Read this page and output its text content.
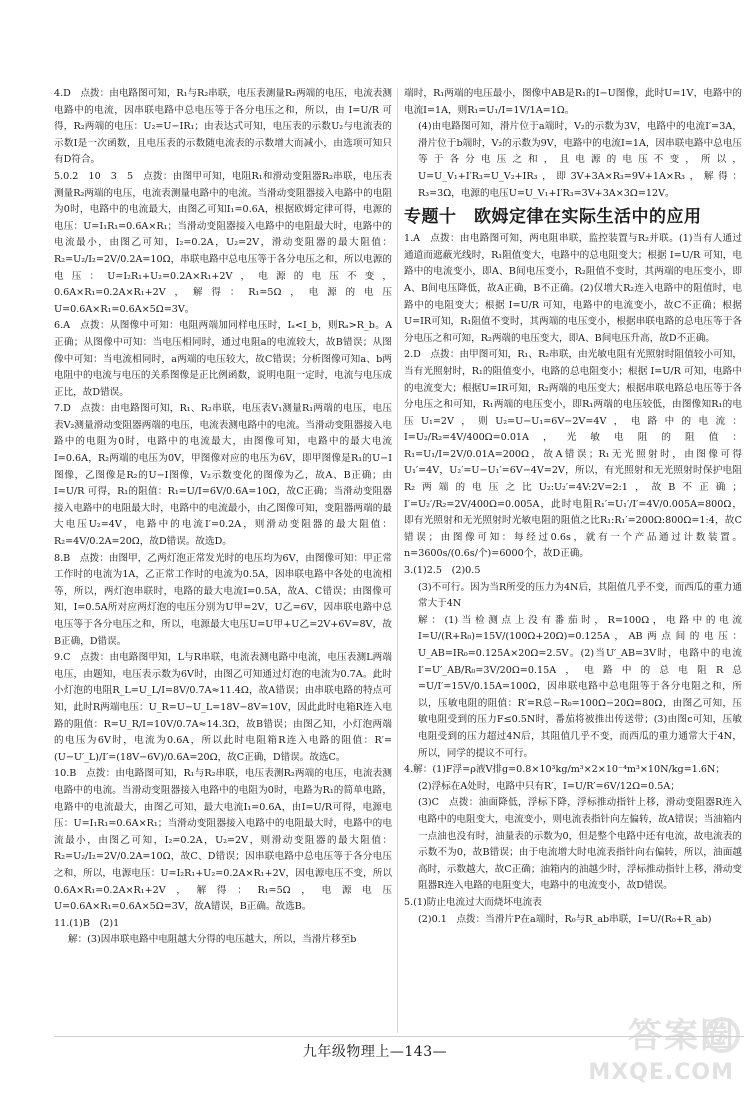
4.D　点拨：由电路图可知，R₁与R₂串联，电压表测量R₂两端的电压，电流表测电路中的电流，因串联电路中总电压等于各分电压之和，所以，由 I=U/R 可得，R₂两端的电压：U₂=U−IR₁；由表达式可知，电压表的示数U₂与电流表的示数I是一次函数，且电压表的示数随电流表的示数增大而减小，由选项可知只有D符合。

5.0.2　10　3　5　点拨：由图甲可知，电阻R₁和滑动变阻器R₂串联，电压表测量R₂两端的电压，电流表测量电路中的电流。当滑动变阻器接入电路中的电阻为0时，电路中的电流最大，由图乙可知I₁=0.6A，根据欧姆定律可得，电源的电压：U=I₁R₁=0.6A×R₁；当滑动变阻器接入电路中的电阻最大时，电路中的电流最小，由图乙可知，I₂=0.2A，U₂=2V，滑动变阻器的最大阻值：R₂=U₂/I₂=2V/0.2A=10Ω，串联电路中总电压等于各分电压之和，所以电源的电压：U=I₂R₁+U₂=0.2A×R₁+2V，电源的电压不变，0.6A×R₁=0.2A×R₁+2V，解得：R₁=5Ω，电源的电压U=0.6A×R₁=0.6A×5Ω=3V。

6.A　点拨：从图像中可知：电阻两端加同样电压时，Iₐ<I_b，则Rₐ>R_b。A正确；从图像中可知：当电压相同时，通过电阻a的电流较大，故B错误；从图像中可知：当电流相同时，a两端的电压较大，故C错误；分析图像可知a、b两电阻中的电流与电压的关系图像是正比例函数，说明电阻一定时，电流与电压成正比，故D错误。

7.D　点拨：由电路图可知，R₁、R₂串联，电压表V₁测量R₁两端的电压，电压表V₂测量滑动变阻器两端的电压，电流表测电路中的电流。当滑动变阻器接入电路中的电阻为0时，电路中的电流最大，由图像可知，电路中的最大电流I=0.6A，R₂两端的电压为0V，甲图像对应的电压为6V，即甲图像是R₁的U−I图像，乙图像是R₂的U−I图像，V₂示数变化的图像为乙，故A、B正确；由 I=U/R 可得，R₁的阻值：R₁=U/I=6V/0.6A=10Ω，故C正确；当滑动变阻器接入电路中的电阻最大时，电路中的电流最小，由乙图像可知，变阻器两端的最大电压U₂=4V，电路中的电流I′=0.2A，则滑动变阻器的最大阻值：R₂=4V/0.2A=20Ω，故D错误。故选D。

8.B　点拨：由图甲，乙两灯泡正常发光时的电压均为6V，由图像可知：甲正常工作时的电流为1A，乙正常工作时的电流为0.5A，因串联电路中各处的电流相等，所以，两灯泡串联时，电路的最大电流I=0.5A，故A、C错误；由图像可知，I=0.5A所对应两灯泡的电压分别为U甲=2V，U乙=6V，因串联电路中总电压等于各分电压之和，所以，电源最大电压U=U甲+U乙=2V+6V=8V，故B正确，D错误。

9.C　点拨：由电路图甲知，L与R串联，电流表测电路中电流，电压表测L两端电压，由题知，电压表示数为6V时，由图乙可知通过灯泡的电流为0.7A。此时小灯泡的电阻R_L=U_L/I=8V/0.7A≈11.4Ω，故A错误；由串联电路的特点可知，此时R两端电压：U_R=U−U_L=18V−8V=10V，因此此时电箱R连入电路的阻值：R=U_R/I=10V/0.7A≈14.3Ω，故B错误；由图乙知，小灯泡两端的电压为6V时，电流为0.6A，所以此时电阻箱R连入电路的阻值：R′=(U−U′_L)/I′=(18V−6V)/0.6A=20Ω，故C正确，D错误。故选C。

10.B　点拨：由电路图可知，R₁与R₂串联，电压表测R₂两端的电压，电流表测电路中的电流。当滑动变阻器接入电路中的电阻为0时，电路为R₁的简单电路，电路中的电流最大，由图乙可知，最大电流I₁=0.6A，由I=U/R可得，电源电压：U=I₁R₁=0.6A×R₁；当滑动变阻器接入电路中的电阻最大时，电路中的电流最小，由图乙可知，I₂=0.2A，U₂=2V，则滑动变阻器的最大阻值：R₂=U₂/I₂=2V/0.2A=10Ω，故C、D错误；因串联电路中总电压等于各分电压之和，所以，电源电压：U=I₂R₁+U₂=0.2A×R₁+2V，因电源电压不变，所以0.6A×R₁=0.2A×R₁+2V，解得：R₁=5Ω，电源电压U=0.6A×R₁=0.6A×5Ω=3V，故A错误，B正确。故选B。

11.(1)B　(2)1

解：(3)因串联电路中电阻越大分得的电压越大，所以，当滑片移至b

端时，R₁两端的电压最小，图像中AB是R₁的I−U图像，此时U=1V，电路中的电流I=1A，则R₁=U₁/I=1V/1A=1Ω。

(4)由电路图可知，滑片位于a端时，V₂的示数为3V，电路中的电流I′=3A，滑片位于b端时，V₂的示数为9V，电路中的电流I=1A，因串联电路中总电压等于各分电压之和，且电源的电压不变，所以，U=U_V₁+I′R₃=U_V₂+IR₃，即3V+3A×R₃=9V+1A×R₃，解得：R₃=3Ω，电源的电压U=U_V₁+I′R₃=3V+3A×3Ω=12V。

专题十　欧姆定律在实际生活中的应用

1.A　点拨：由电路图可知，两电阻串联，监控装置与R₂并联。(1)当有人通过通道而遮蔽光线时，R₁阻值变大，电路中的总电阻变大；根据 I=U/R 可知，电路中的电流变小，即A、B间电压变小，R₂阻值不变时，其两端的电压变小，即A、B间电压降低，故A正确，B不正确。(2)仅增大R₂连入电路中的阻值时，电路中的电阻变大；根据 I=U/R 可知，电路中的电流变小，故C不正确；根据U=IR可知，R₁阻值不变时，其两端的电压变小，根据串联电路的总电压等于各分电压之和可知，R₂两端的电压变大，即A、B间电压升高，故D不正确。

2.D　点拨：由甲图可知，R₁、R₂串联，由光敏电阻有光照射时阻值较小可知，当有光照射时，R₁的阻值变小，电路的总电阻变小；根据 I=U/R 可知，电路中的电流变大；根据U=IR可知，R₂两端的电压变大；根据串联电路总电压等于各分电压之和可知，R₁两端的电压变小，即R₁两端的电压较低，由图像知R₁的电压U₁=2V，则U₂=U−U₁=6V−2V=4V，电路中的电流：I=U₂/R₂=4V/400Ω=0.01A，光敏电阻的阻值：R₁=U₁/I=2V/0.01A=200Ω，故A错误；R₁无光照射时，由图像可得U₁′=4V，U₂′=U−U₁′=6V−4V=2V，所以，有光照射和无光照射时保护电阻R₂两端的电压之比U₂:U₂′=4V:2V=2:1，故B不正确；I′=U₂′/R₂=2V/400Ω=0.005A，此时电阻R₁′=U₁′/I′=4V/0.005A=800Ω，即有光照射和无光照射时光敏电阻的阻值之比R₁:R₁′=200Ω:800Ω=1:4，故C错误；由图像可知：每经过0.6s，就有一个产品通过计数装置。n=3600s/(0.6s/个)=6000个，故D正确。

3.(1)2.5　(2)0.5

(3)不可行。因为当R所受的压力为4N后，其阻值几乎不变，而西瓜的重力通常大于4N

解：(1)当检测点上没有番茄时，R=100Ω，电路中的电流 I=U/(R+R₀)=15V/(100Ω+20Ω)=0.125A，AB两点间的电压：U_AB=IR₀=0.125A×20Ω=2.5V。(2)当U′_AB=3V时，电路中的电流I′=U′_AB/R₀=3V/20Ω=0.15A，电路中的总电阻R总=U/I′=15V/0.15A=100Ω，因串联电路中总电阻等于各分电阻之和，所以，压敏电阻的阻值：R′=R总−R₀=100Ω−20Ω=80Ω，由图乙可知，压敏电阻受到的压力F≤0.5N时，番茄将被推出传送带；(3)由图c可知，压敏电阻受到的压力超过4N后，其阻值几乎不变，而西瓜的重力通常大于4N，所以，同学的提议不可行。

4.解：(1)F浮=ρ液V排g=0.8×10³kg/m³×2×10⁻⁴m³×10N/kg=1.6N；

(2)浮标在A处时，电路中只有R′，I=U/R′=6V/12Ω=0.5A；

(3)C　点拨：油面降低，浮标下降，浮标推动指针上移，滑动变阻器R连入电路中的电阻变大，电流变小，则电流表指针向左偏转，故A错误；当油箱内一点油也没有时，油量表的示数为0，但是整个电路中还有电流，故电流表的示数不为0，故B错误；由于电流增大时电流表指针向右偏转，所以，油面越高时，示数越大，故C正确；油箱内的油越少时，浮标推动指针上移，滑动变阻器R连入电路的电阻变大，电路中的电流变小，故D错误。

5.(1)防止电流过大而烧坏电流表

(2)0.1　点拨：当滑片P在a端时，R₀与R_ab串联，I=U/(R₀+R_ab)

九年级物理上—143—	答案圈
MXQE.COM
